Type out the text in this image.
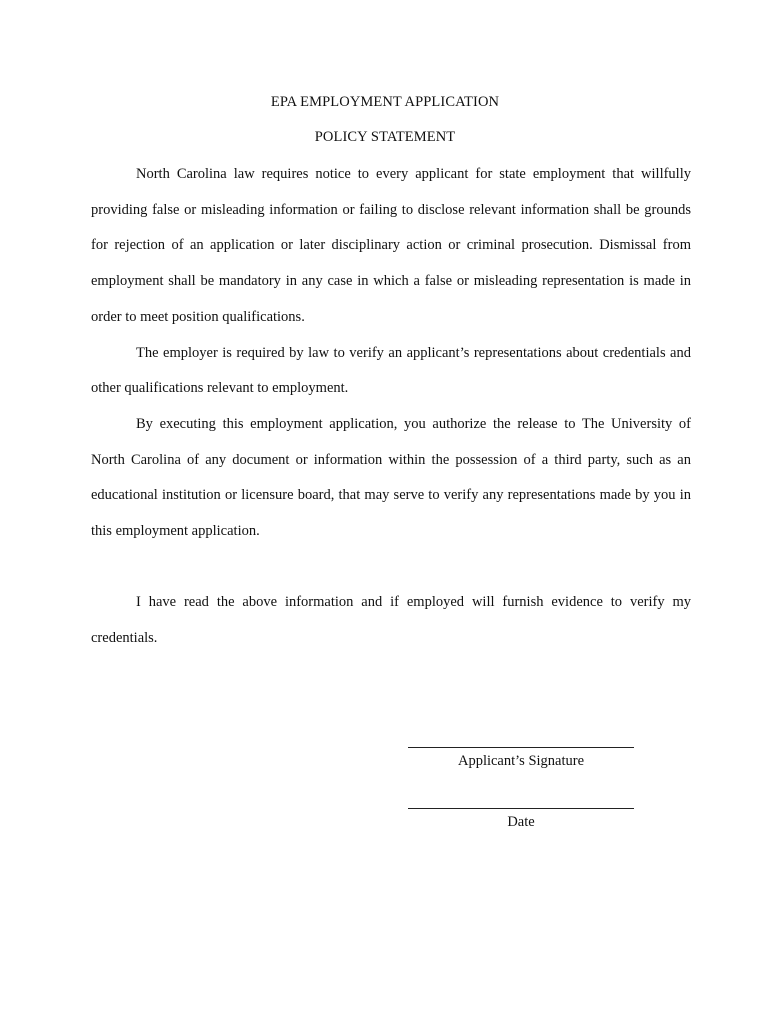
EPA EMPLOYMENT APPLICATION
POLICY STATEMENT

North Carolina law requires notice to every applicant for state employment that willfully providing false or misleading information or failing to disclose relevant information shall be grounds for rejection of an application or later disciplinary action or criminal prosecution. Dismissal from employment shall be mandatory in any case in which a false or misleading representation is made in order to meet position qualifications.

The employer is required by law to verify an applicant’s representations about credentials and other qualifications relevant to employment.

By executing this employment application, you authorize the release to The University of North Carolina of any document or information within the possession of a third party, such as an educational institution or licensure board, that may serve to verify any representations made by you in this employment application.

I have read the above information and if employed will furnish evidence to verify my credentials.

Applicant’s Signature
Date
